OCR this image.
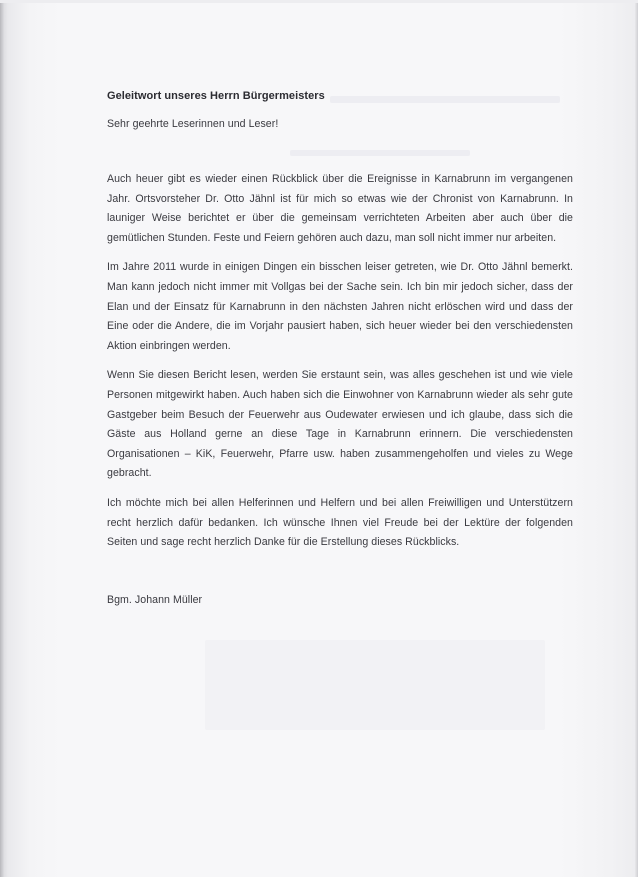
Geleitwort unseres Herrn Bürgermeisters

Sehr geehrte Leserinnen und Leser!

Auch heuer gibt es wieder einen Rückblick über die Ereignisse in Karnabrunn im vergangenen Jahr. Ortsvorsteher Dr. Otto Jähnl ist für mich so etwas wie der Chronist von Karnabrunn. In launiger Weise berichtet er über die gemeinsam verrichteten Arbeiten aber auch über die gemütlichen Stunden. Feste und Feiern gehören auch dazu, man soll nicht immer nur arbeiten.

Im Jahre 2011 wurde in einigen Dingen ein bisschen leiser getreten, wie Dr. Otto Jähnl bemerkt. Man kann jedoch nicht immer mit Vollgas bei der Sache sein. Ich bin mir jedoch sicher, dass der Elan und der Einsatz für Karnabrunn in den nächsten Jahren nicht erlöschen wird und dass der Eine oder die Andere, die im Vorjahr pausiert haben, sich heuer wieder bei den verschiedensten Aktion einbringen werden.

Wenn Sie diesen Bericht lesen, werden Sie erstaunt sein, was alles geschehen ist und wie viele Personen mitgewirkt haben. Auch haben sich die Einwohner von Karnabrunn wieder als sehr gute Gastgeber beim Besuch der Feuerwehr aus Oudewater erwiesen und ich glaube, dass sich die Gäste aus Holland gerne an diese Tage in Karnabrunn erinnern. Die verschiedensten Organisationen – KiK, Feuerwehr, Pfarre usw. haben zusammengeholfen und vieles zu Wege gebracht.

Ich möchte mich bei allen Helferinnen und Helfern und bei allen Freiwilligen und Unterstützern recht herzlich dafür bedanken. Ich wünsche Ihnen viel Freude bei der Lektüre der folgenden Seiten und sage recht herzlich Danke für die Erstellung dieses Rückblicks.

Bgm. Johann Müller
